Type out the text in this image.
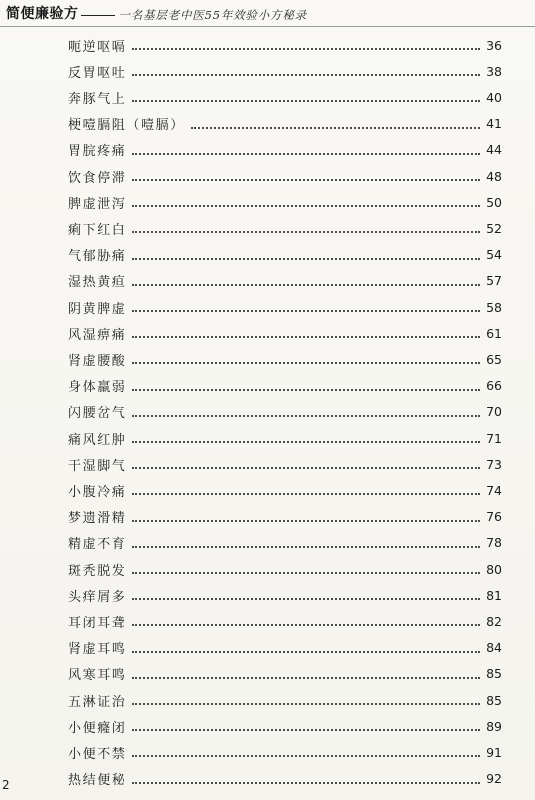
简便廉验方	一名基层老中医55年效验小方秘录
呃逆呕嗝	36
反胃呕吐	38
奔豚气上	40
梗噎膈阻（噎膈）	41
胃脘疼痛	44
饮食停滞	48
脾虚泄泻	50
痢下红白	52
气郁胁痛	54
湿热黄疸	57
阴黄脾虚	58
风湿痹痛	61
肾虚腰酸	65
身体羸弱	66
闪腰岔气	70
痛风红肿	71
干湿脚气	73
小腹冷痛	74
梦遗滑精	76
精虚不育	78
斑秃脱发	80
头痒屑多	81
耳闭耳聋	82
肾虚耳鸣	84
风寒耳鸣	85
五淋证治	85
小便癃闭	89
小便不禁	91
热结便秘	92
2
